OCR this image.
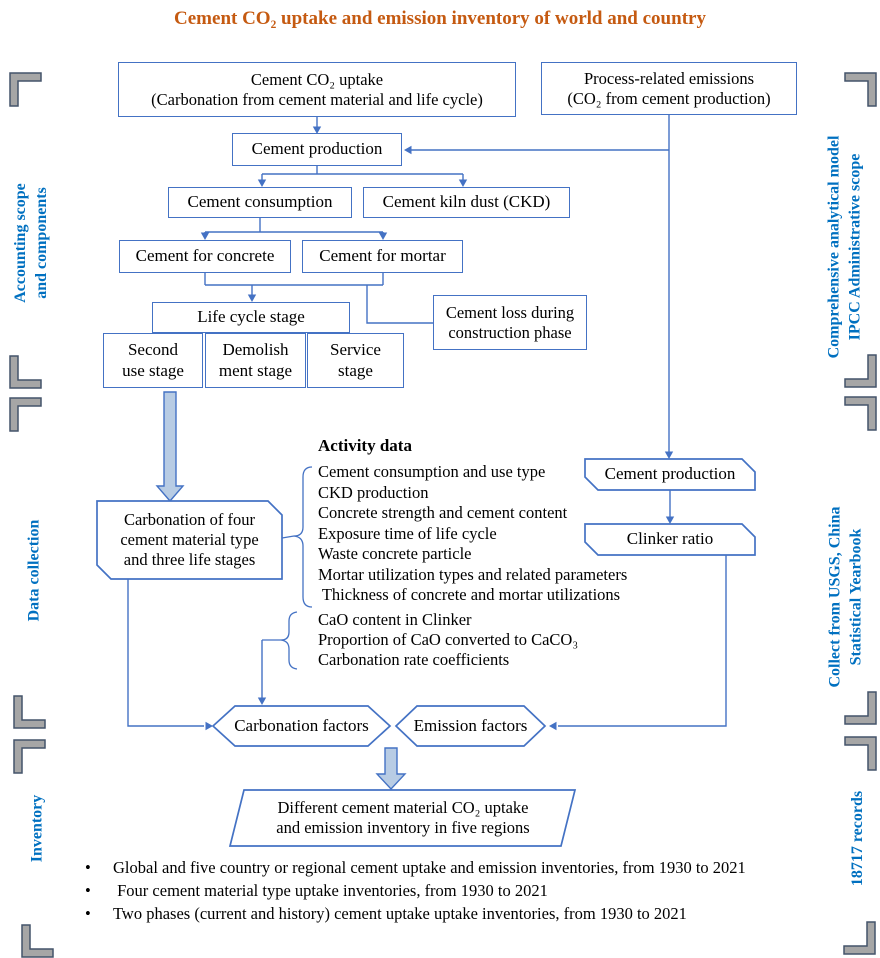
Cement CO₂ uptake and emission inventory of world and country
Cement CO₂ uptake
(Carbonation from cement material and life cycle)
Process-related emissions
(CO₂ from cement production)
Cement production
Cement consumption	Cement kiln dust (CKD)
Cement for concrete	Cement for mortar
Life cycle stage
Second
use stage
Demolish
ment stage
Service
stage
Cement loss during
construction phase
Carbonation of four
cement material type
and three life stages
Cement production
Clinker ratio
Carbonation factors	Emission factors
Different cement material CO₂ uptake
and emission inventory in five regions
Activity data
Cement consumption and use type
CKD production
Concrete strength and cement content
Exposure time of life cycle
Waste concrete particle
Mortar utilization types and related parameters
Thickness of concrete and mortar utilizations
CaO content in Clinker
Proportion of CaO converted to CaCO₃
Carbonation rate coefficients
• Global and five country or regional cement uptake and emission inventories, from 1930 to 2021
•  Four cement material type uptake inventories, from 1930 to 2021
• Two phases (current and history) cement uptake uptake inventories, from 1930 to 2021
Accounting scope and components
Data collection
Inventory
Comprehensive analytical model IPCC Administrative scope
Collect from USGS, China Statistical Yearbook
18717 records
